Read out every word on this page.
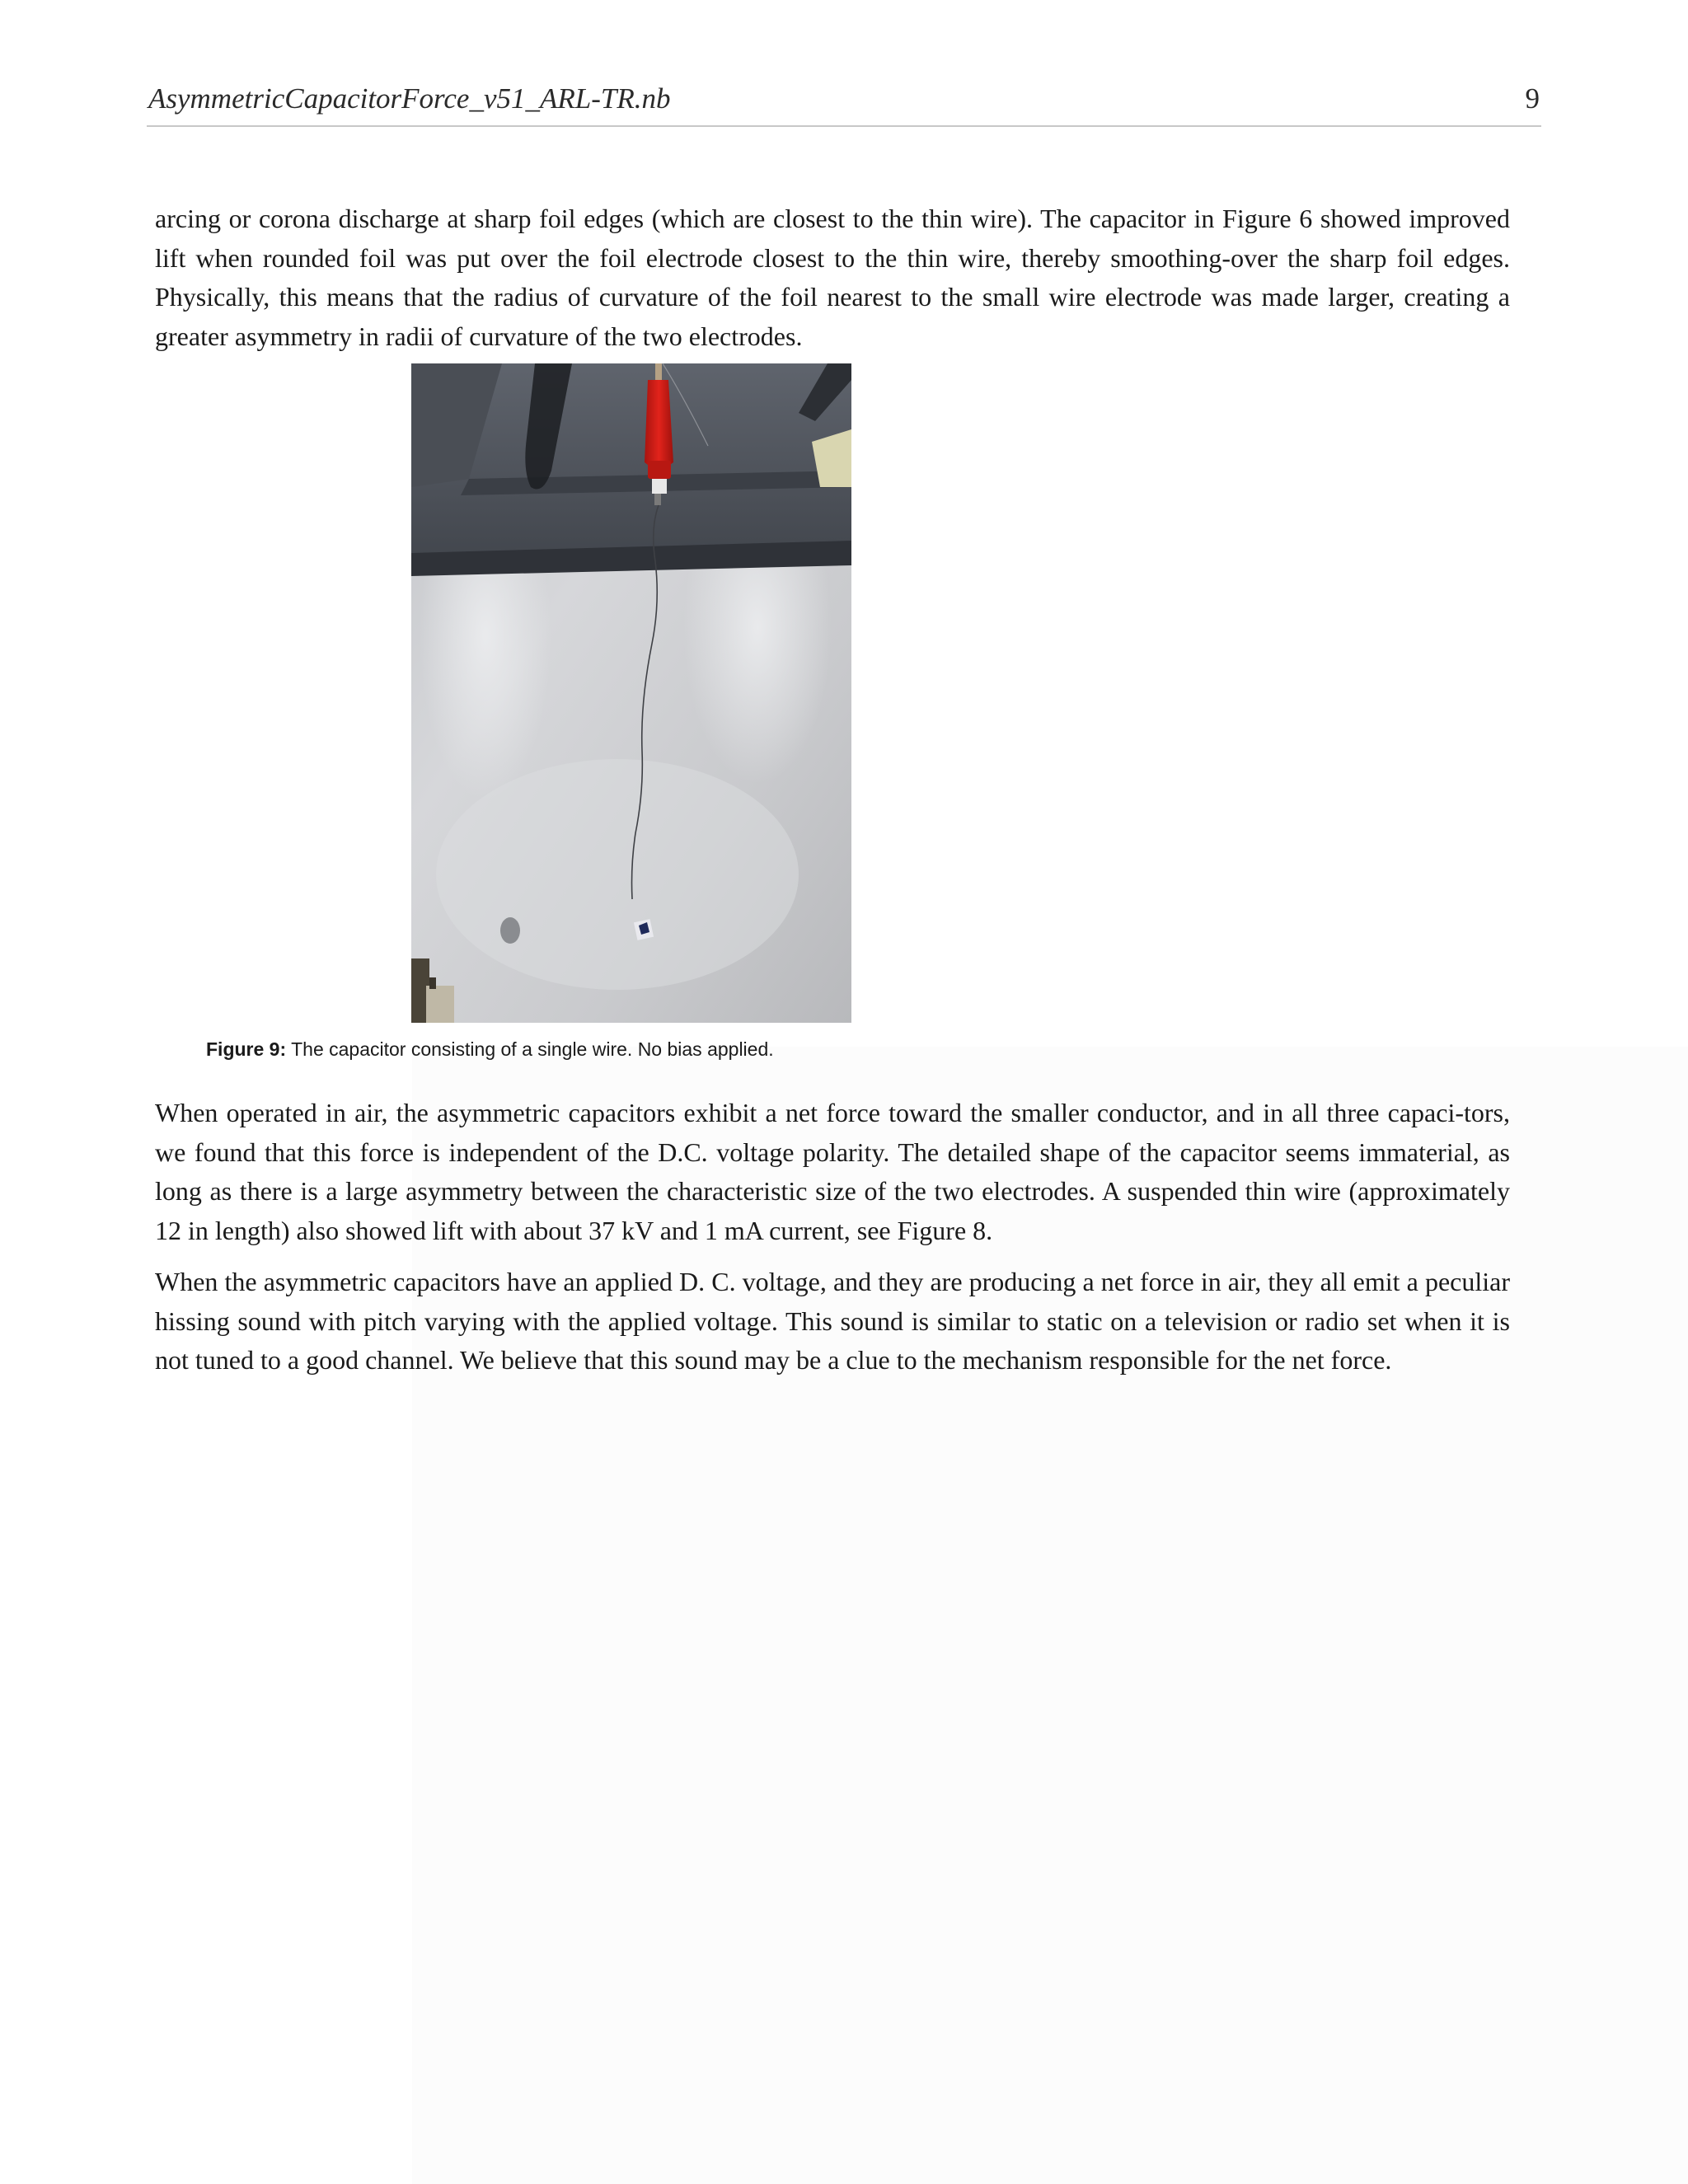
AsymmetricCapacitorForce_v51_ARL-TR.nb	9

arcing or corona discharge at sharp foil edges (which are closest to the thin wire). The capacitor in Figure 6 showed improved lift when rounded foil was put over the foil electrode closest to the thin wire, thereby smoothing-over the sharp foil edges. Physically, this means that the radius of curvature of the foil nearest to the small wire electrode was made larger, creating a greater asymmetry in radii of curvature of the two electrodes.

Figure 9: The capacitor consisting of a single wire. No bias applied.

When operated in air, the asymmetric capacitors exhibit a net force toward the smaller conductor, and in all three capaci-tors, we found that this force is independent of the D.C. voltage polarity. The detailed shape of the capacitor seems immaterial, as long as there is a large asymmetry between the characteristic size of the two electrodes. A suspended thin wire (approximately 12 in length) also showed lift with about 37 kV and 1 mA current, see Figure 8.

When the asymmetric capacitors have an applied D. C. voltage, and they are producing a net force in air, they all emit a peculiar hissing sound with pitch varying with the applied voltage. This sound is similar to static on a television or radio set when it is not tuned to a good channel. We believe that this sound may be a clue to the mechanism responsible for the net force.
